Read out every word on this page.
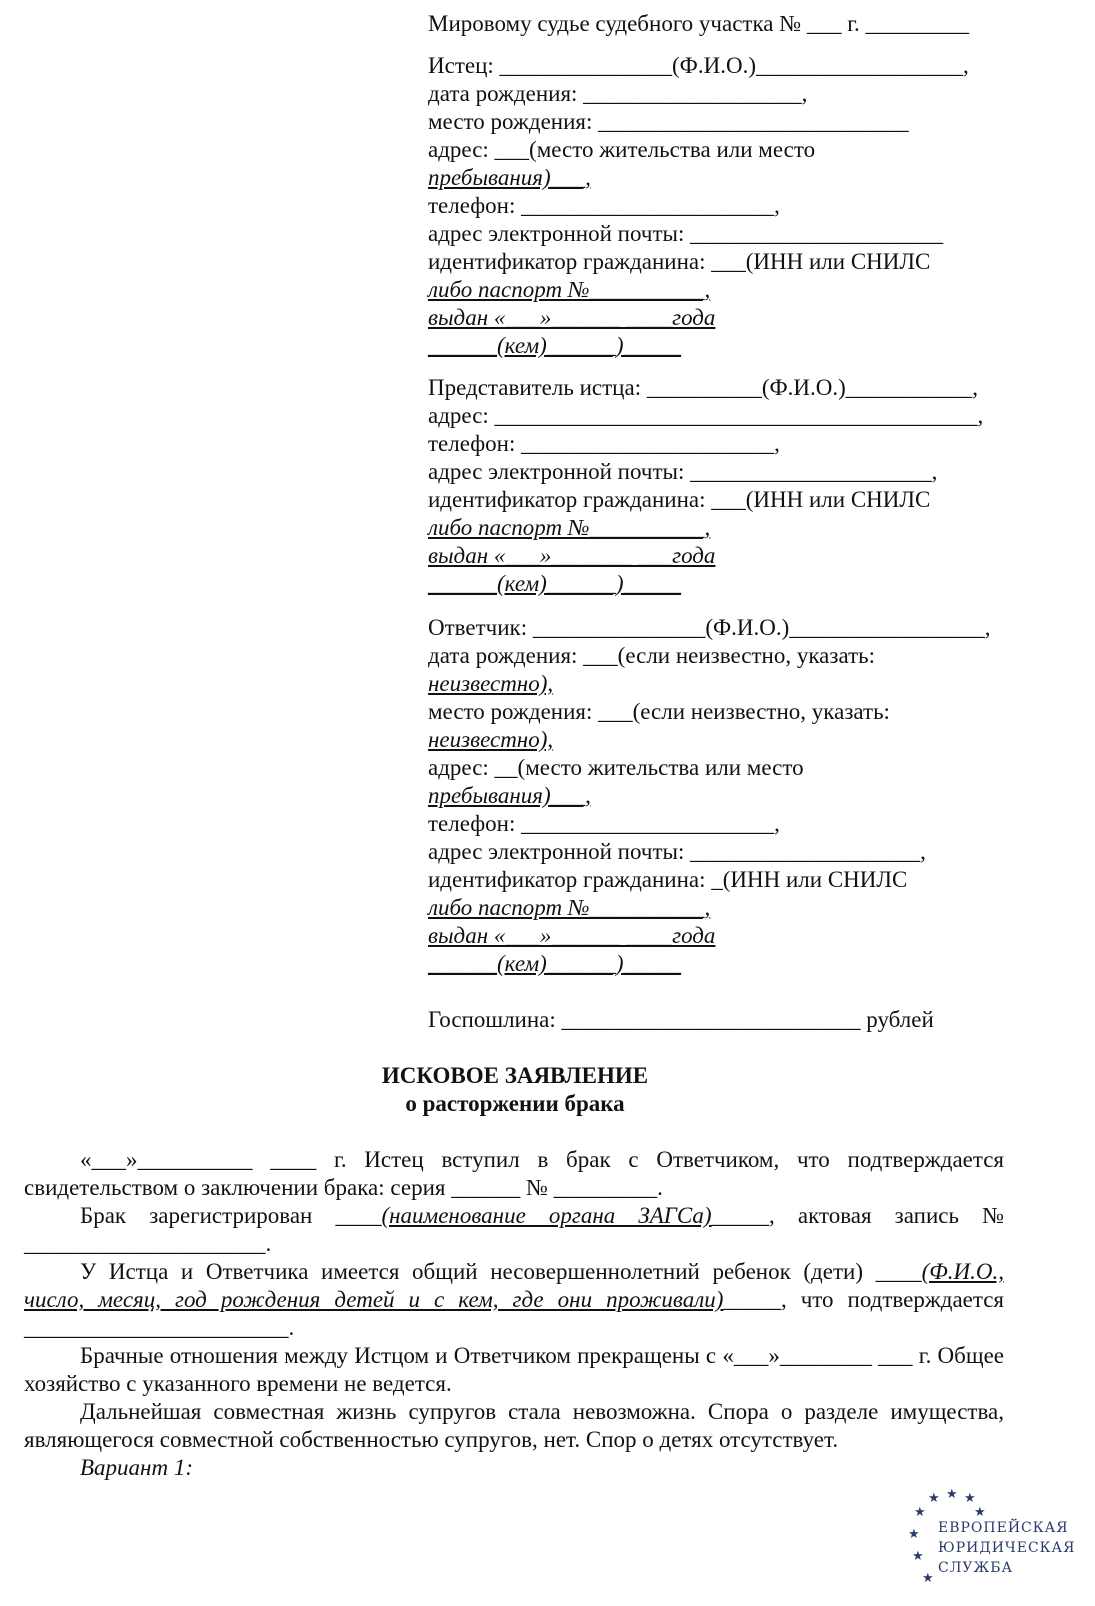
Мировому судье судебного участка № ___ г. _________
Истец: _______________(Ф.И.О.)__________________,
дата рождения: ___________________,
место рождения: ___________________________
адрес: ___(место жительства или место
пребывания)___,
телефон: ______________________,
адрес электронной почты: ______________________
идентификатор гражданина: ___(ИНН или СНИЛС
либо паспорт №__________,
выдан «___»______ ____года
______(кем)______)_____
Представитель истца: __________(Ф.И.О.)___________,
адрес: __________________________________________,
телефон: ______________________,
адрес электронной почты: _____________________,
идентификатор гражданина: ___(ИНН или СНИЛС
либо паспорт №__________,
выдан «___»_______ ___года
______(кем)______)_____
Ответчик: _______________(Ф.И.О.)_________________,
дата рождения: ___(если неизвестно, указать:
неизвестно),
место рождения: ___(если неизвестно, указать:
неизвестно),
адрес: __(место жительства или место
пребывания)___,
телефон: ______________________,
адрес электронной почты: ____________________,
идентификатор гражданина: _(ИНН или СНИЛС
либо паспорт №__________,
выдан «___»______ ____года
______(кем)______)_____
Госпошлина: __________________________ рублей
ИСКОВОЕ ЗАЯВЛЕНИЕ
о расторжении брака
«___»__________ ____ г. Истец вступил в брак с Ответчиком, что подтверждается свидетельством о заключении брака: серия ______ № _________.
Брак зарегистрирован ____(наименование органа ЗАГСа)_____, актовая запись № _____________________.
У Истца и Ответчика имеется общий несовершеннолетний ребенок (дети) ____(Ф.И.О., число, месяц, год рождения детей и с кем, где они проживали)_____, что подтверждается _______________________.
Брачные отношения между Истцом и Ответчиком прекращены с «___»________ ___ г. Общее хозяйство с указанного времени не ведется.
Дальнейшая совместная жизнь супругов стала невозможна. Спора о разделе имущества, являющегося совместной собственностью супругов, нет. Спор о детях отсутствует.
Вариант 1:
★ ★ ★
★	★
★
★
★
ЕВРОПЕЙСКАЯ
ЮРИДИЧЕСКАЯ
СЛУЖБА
